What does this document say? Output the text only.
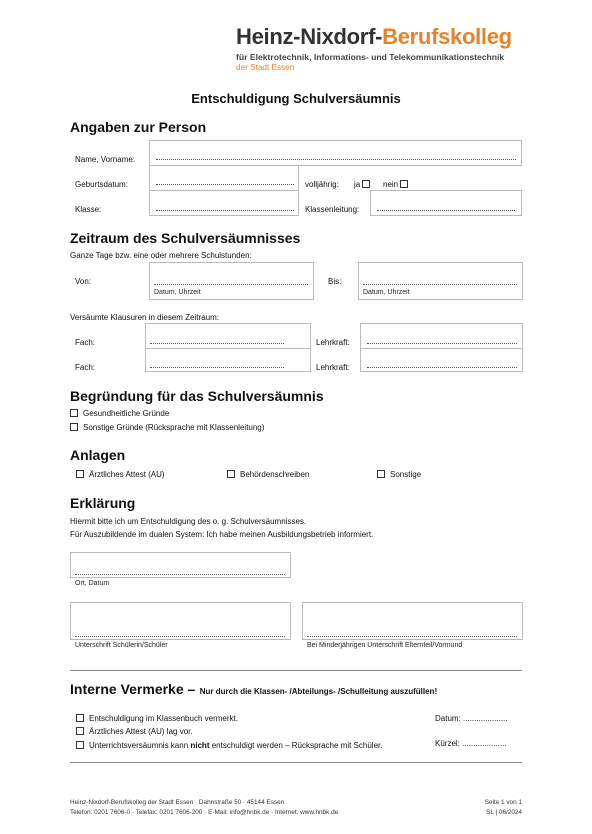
Heinz-Nixdorf-Berufskolleg
für Elektrotechnik, Informations- und Telekommunikationstechnik
der Stadt Essen
Entschuldigung Schulversäumnis
Angaben zur Person
Name, Vorname:
Geburtsdatum:	volljährig: ja	nein
Klasse:	Klassenleitung:
Zeitraum des Schulversäumnisses
Ganze Tage bzw. eine oder mehrere Schulstunden:
Von:
Datum, Uhrzeit
Bis:
Datum, Uhrzeit
Versäumte Klausuren in diesem Zeitraum:
Fach:	Lehrkraft:
Fach:	Lehrkraft:
Begründung für das Schulversäumnis
Gesundheitliche Gründe
Sonstige Gründe (Rücksprache mit Klassenleitung)
Anlagen
Ärztliches Attest (AU)	Behördenschreiben	Sonstige
Erklärung
Hiermit bitte ich um Entschuldigung des o. g. Schulversäumnisses.
Für Auszubildende im dualen System: Ich habe meinen Ausbildungsbetrieb informiert.
Ort, Datum
Unterschrift Schülerin/Schüler	Bei Minderjährigen Unterschrift Elternteil/Vormund
Interne Vermerke – Nur durch die Klassen- /Abteilungs- /Schulleitung auszufüllen!
Entschuldigung im Klassenbuch vermerkt.
Ärztliches Attest (AU) lag vor.
Unterrichtsversäumnis kann nicht entschuldigt werden – Rücksprache mit Schüler.
Datum: ....................
Kürzel: ....................
Heinz-Nixdorf-Berufskolleg der Stadt Essen · Dahnstraße 50 · 45144 Essen
Telefon: 0201 7606-0 · Telefax: 0201 7606-200 · E-Mail: info@hnbk.de · Internet: www.hnbk.de
Seite 1 von 1
SL | 06/2024
